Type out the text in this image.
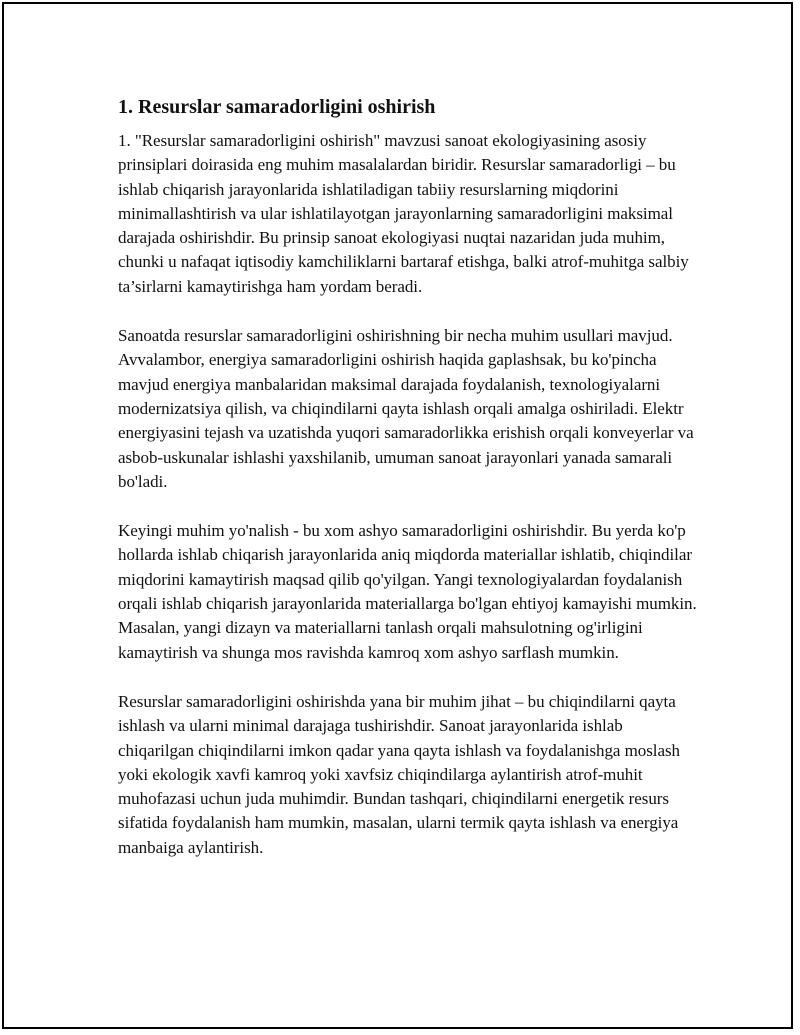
1. Resurslar samaradorligini oshirish

1. "Resurslar samaradorligini oshirish" mavzusi sanoat ekologiyasining asosiy prinsiplari doirasida eng muhim masalalardan biridir. Resurslar samaradorligi – bu ishlab chiqarish jarayonlarida ishlatiladigan tabiiy resurslarning miqdorini minimallashtirish va ular ishlatilayotgan jarayonlarning samaradorligini maksimal darajada oshirishdir. Bu prinsip sanoat ekologiyasi nuqtai nazaridan juda muhim, chunki u nafaqat iqtisodiy kamchiliklarni bartaraf etishga, balki atrof-muhitga salbiy ta’sirlarni kamaytirishga ham yordam beradi.

Sanoatda resurslar samaradorligini oshirishning bir necha muhim usullari mavjud. Avvalambor, energiya samaradorligini oshirish haqida gaplashsak, bu ko'pincha mavjud energiya manbalaridan maksimal darajada foydalanish, texnologiyalarni modernizatsiya qilish, va chiqindilarni qayta ishlash orqali amalga oshiriladi. Elektr energiyasini tejash va uzatishda yuqori samaradorlikka erishish orqali konveyerlar va asbob-uskunalar ishlashi yaxshilanib, umuman sanoat jarayonlari yanada samarali bo'ladi.

Keyingi muhim yo'nalish - bu xom ashyo samaradorligini oshirishdir. Bu yerda ko'p hollarda ishlab chiqarish jarayonlarida aniq miqdorda materiallar ishlatib, chiqindilar miqdorini kamaytirish maqsad qilib qo'yilgan. Yangi texnologiyalardan foydalanish orqali ishlab chiqarish jarayonlarida materiallarga bo'lgan ehtiyoj kamayishi mumkin. Masalan, yangi dizayn va materiallarni tanlash orqali mahsulotning og'irligini kamaytirish va shunga mos ravishda kamroq xom ashyo sarflash mumkin.

Resurslar samaradorligini oshirishda yana bir muhim jihat – bu chiqindilarni qayta ishlash va ularni minimal darajaga tushirishdir. Sanoat jarayonlarida ishlab chiqarilgan chiqindilarni imkon qadar yana qayta ishlash va foydalanishga moslash yoki ekologik xavfi kamroq yoki xavfsiz chiqindilarga aylantirish atrof-muhit muhofazasi uchun juda muhimdir. Bundan tashqari, chiqindilarni energetik resurs sifatida foydalanish ham mumkin, masalan, ularni termik qayta ishlash va energiya manbaiga aylantirish.
